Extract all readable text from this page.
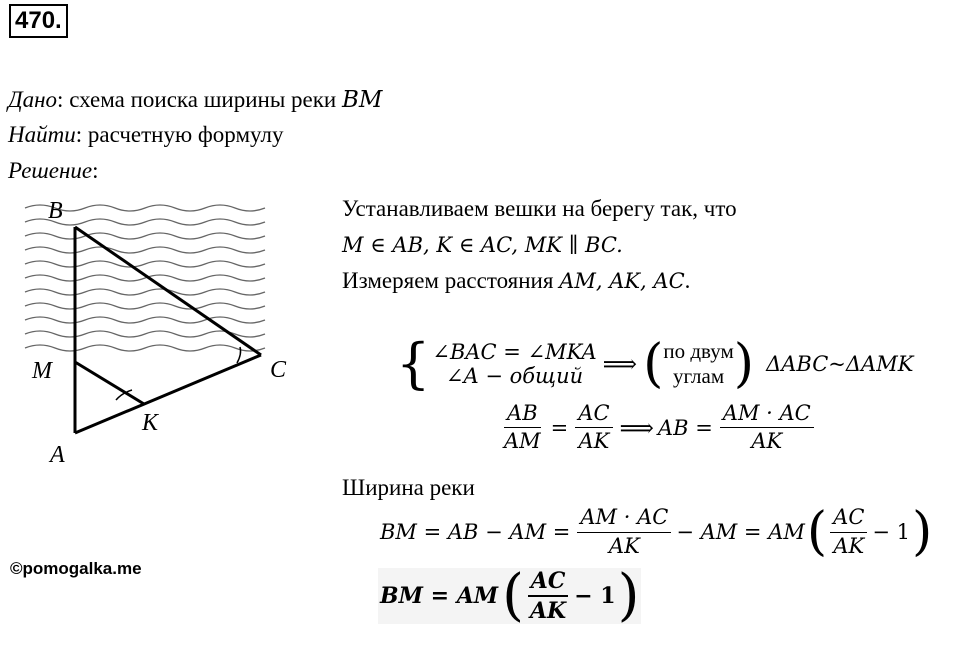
470.
Дано: схема поиска ширины реки BM
Найти: расчетную формулу
Решение:
B
M
A
K
C
Устанавливаем вешки на берегу так, что
M ∈ AB, K ∈ AC, MK ∥ BC.
Измеряем расстояния AM, AK, AC.
{ ∠BAC = ∠MKA
∠A − общий ⟹ ( по двум
углам ) ΔABC~ΔAMK
$\frac{AB}{AM} = \frac{AC}{AK}$ ⟹ AB = $\frac{AM \cdot AC}{AK}$
Ширина реки
BM = AB − AM = $\frac{AM \cdot AC}{AK}$ − AM = AM ( $\frac{AC}{AK} - 1$ )
BM = AM ( $\frac{AC}{AK} - 1$ )
©pomogalka.me
